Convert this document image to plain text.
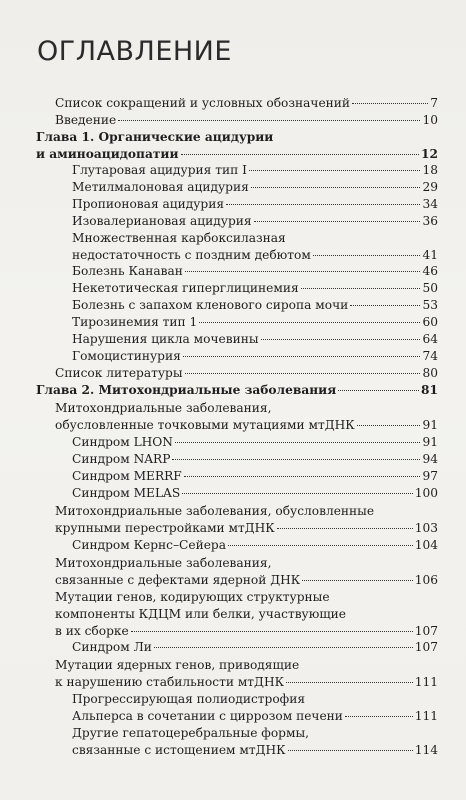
ОГЛАВЛЕНИЕ
Список сокращений и условных обозначений	7
Введение	10
Глава 1. Органические ацидурии
и аминоацидопатии	12
Глутаровая ацидурия тип I	18
Метилмалоновая ацидурия	29
Пропионовая ацидурия	34
Изовалериановая ацидурия	36
Множественная карбоксилазная
недостаточность с поздним дебютом	41
Болезнь Канаван	46
Некетотическая гиперглицинемия	50
Болезнь с запахом кленового сиропа мочи	53
Тирозинемия тип 1	60
Нарушения цикла мочевины	64
Гомоцистинурия	74
Список литературы	80
Глава 2. Митохондриальные заболевания	81
Митохондриальные заболевания,
обусловленные точковыми мутациями мтДНК	91
Синдром LHON	91
Синдром NARP	94
Синдром MERRF	97
Синдром MELAS	100
Митохондриальные заболевания, обусловленные
крупными перестройками мтДНК	103
Синдром Кернс–Сейера	104
Митохондриальные заболевания,
связанные с дефектами ядерной ДНК	106
Мутации генов, кодирующих структурные
компоненты КДЦМ или белки, участвующие
в их сборке	107
Синдром Ли	107
Мутации ядерных генов, приводящие
к нарушению стабильности мтДНК	111
Прогрессирующая полиодистрофия
Альперса в сочетании с циррозом печени	111
Другие гепатоцеребральные формы,
связанные с истощением мтДНК	114
